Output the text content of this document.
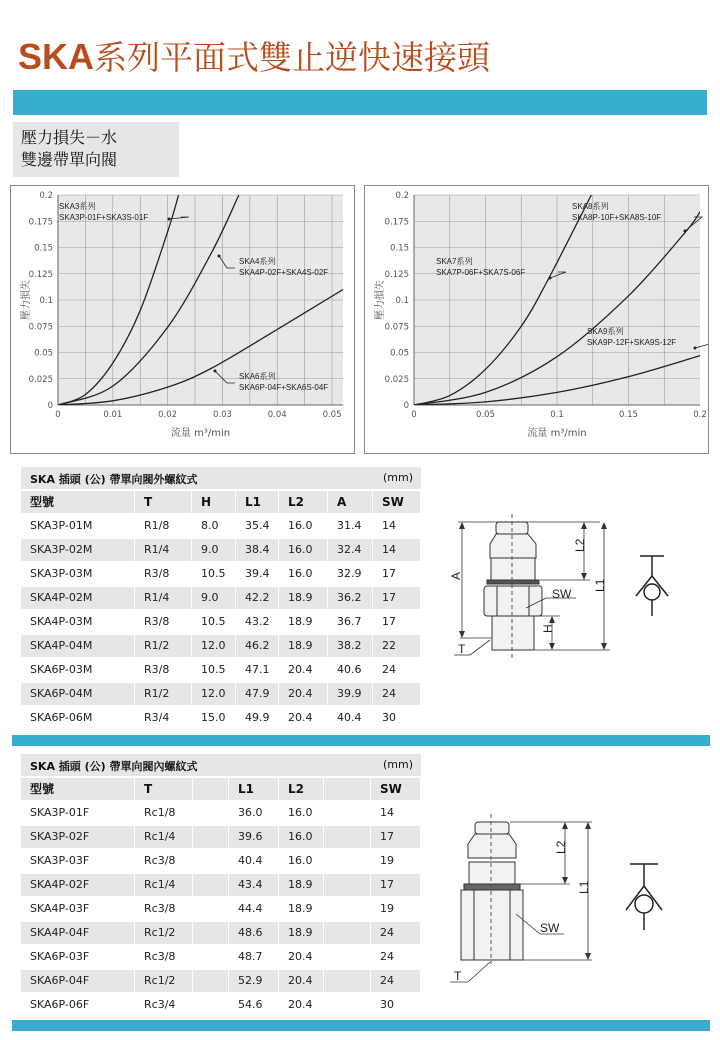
SKA系列平面式雙止逆快速接頭
壓力損失－水
雙邊帶單向閥
0
0.025
0.05
0.075
0.1
0.125
0.15
0.175
0.2
0	0.01	0.02	0.03	0.04	0.05
流量 m³/min
壓力損失
SKA3系列
SKA3P-01F+SKA3S-01F
SKA4系列
SKA4P-02F+SKA4S-02F
SKA6系列
SKA6P-04F+SKA6S-04F
0
0.025
0.05
0.075
0.1
0.125
0.15
0.175
0.2
0	0.05	0.1	0.15	0.2
流量 m³/min
壓力損失
SKA7系列
SKA7P-06F+SKA7S-06F
SKA8系列
SKA8P-10F+SKA8S-10F
SKA9系列
SKA9P-12F+SKA9S-12F
SKA 插頭 (公) 帶單向閥外螺紋式	(mm)
型號	T	H	L1	L2	A	SW
SKA3P-01M	R1/8	8.0	35.4	16.0	31.4	14
SKA3P-02M	R1/4	9.0	38.4	16.0	32.4	14
SKA3P-03M	R3/8	10.5	39.4	16.0	32.9	17
SKA4P-02M	R1/4	9.0	42.2	18.9	36.2	17
SKA4P-03M	R3/8	10.5	43.2	18.9	36.7	17
SKA4P-04M	R1/2	12.0	46.2	18.9	38.2	22
SKA6P-03M	R3/8	10.5	47.1	20.4	40.6	24
SKA6P-04M	R1/2	12.0	47.9	20.4	39.9	24
SKA6P-06M	R3/4	15.0	49.9	20.4	40.4	30
SKA 插頭 (公) 帶單向閥內螺紋式	(mm)
型號	T	L1	L2	SW
SKA3P-01F	Rc1/8	36.0	16.0	14
SKA3P-02F	Rc1/4	39.6	16.0	17
SKA3P-03F	Rc3/8	40.4	16.0	19
SKA4P-02F	Rc1/4	43.4	18.9	17
SKA4P-03F	Rc3/8	44.4	18.9	19
SKA4P-04F	Rc1/2	48.6	18.9	24
SKA6P-03F	Rc3/8	48.7	20.4	24
SKA6P-04F	Rc1/2	52.9	20.4	24
SKA6P-06F	Rc3/4	54.6	20.4	30
A
L2
L1
SW
H
T
L2
L1
SW
T
